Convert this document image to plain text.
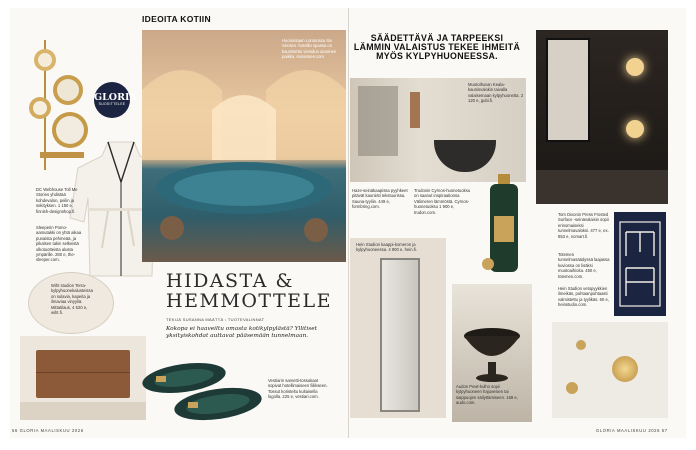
IDEOITA KOTIIN
GLORIA
SUOSITTELEE
Huomiotaan Lontoossa Six Senses -hotellin spassa on kaunistettu vierailun arvoinen paikka. sixsenses.com
DC Webhouse Toll Me Stories yhdistää kohdevalon, peilin ja sekityksen. 1 150 e, finnish-designshop.fi.
Sleeperin Pomo-aamutakki on yhtä aikaa punaista pehmeää, ja pikalsen takin selkeistä ulkotuotteista alusta ympärille. 280 e, the-sleeper.com.
Wiht studion Terra-kylpyhuonekalusteissa on sulavia, kapeita ja ilmaviaa vinyyliä. Mittatilaus, 4 520 e, wiht.fi.
HIDASTA &
HEMMOTTELE
TEKIJÄ SUSANNA MÄÄTTÄ • TUOTEVALINNAT
Kokopa ei haaveiltu omasta kotikylpylästä? Yllitiset yksityiskohdat auttavat pääsemään tunnelmaan.
Vestiarin sametti-tossukaat sopivat hotellimaiseen fiilikseen. Tossut koristeltu kultaisella logolla. 225 e, vestiari.com.
56 GLORIA MAALISKUU 2026
SÄÄDETTÄVÄ JA TARPEEKSI LÄMMIN VALAISTUS TEKEE IHMEITÄ MYÖS KYLPYHUONEESSA.
Muotoiltuvan Keala-kaunisvalokin taivalla valaisemaan kylpyhuonetta. 2 120 e, gubi.fi.
Haze-seinäkaapissa pyyhkeet pitävät kauniisti tekstuurissa. Sauna-tyyliin. 449 e, formbring.com.
Trudonin Cyrnos-huonetuoksu on saanut inspiraationsa Välimeren lämmöstä. Cyrnos-huonetuoksu 1 900 e, trudon.com.
Hein Studion kaappi-komeron ja kylpyhuoneessa. 4 900 e, hein.fi.
Audon Pewt-kulho sopii kylpyhuoneen hajuvesien tai saippuojen säilyttämiseen. 169 e, audo.com.
Tom Dixonin Press Frosted Surface -seinävalaisin sopii erinomaiseksi tunnelmavaloksi. 477 e, ex. 853 e, nomart.fi.
Totemen tunnelmasäädyssä laajassa kuviossa on lisäksi muotoaihioita. 450 e, totemen.com.
Hein Studion vetopyykkien ilmeikäs, puhtaanpuhtaasti valmistettu ja tyylikäs. 60 e, heinstudio.com.
GLORIA MAALISKUU 2026 57
